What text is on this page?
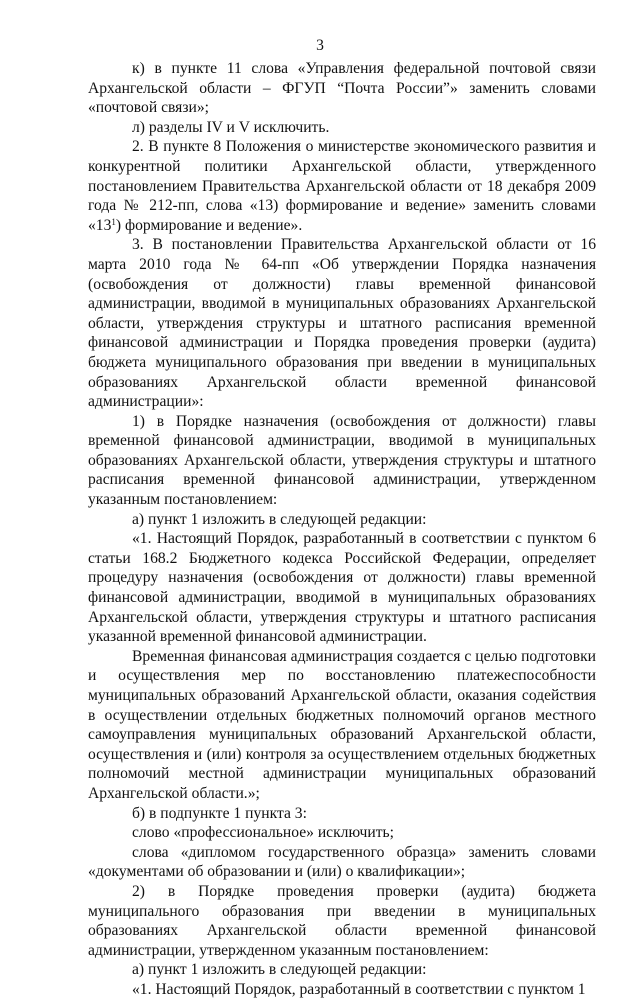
3

к) в пункте 11 слова «Управления федеральной почтовой связи Архангельской области – ФГУП “Почта России”» заменить словами «почтовой связи»;

л) разделы IV и V исключить.

2. В пункте 8 Положения о министерстве экономического развития и конкурентной политики Архангельской области, утвержденного постановлением Правительства Архангельской области от 18 декабря 2009 года № 212-пп, слова «13) формирование и ведение» заменить словами «$13^1$) формирование и ведение».

3. В постановлении Правительства Архангельской области от 16 марта 2010 года № 64-пп «Об утверждении Порядка назначения (освобождения от должности) главы временной финансовой администрации, вводимой в муниципальных образованиях Архангельской области, утверждения структуры и штатного расписания временной финансовой администрации и Порядка проведения проверки (аудита) бюджета муниципального образования при введении в муниципальных образованиях Архангельской области временной финансовой администрации»:

1) в Порядке назначения (освобождения от должности) главы временной финансовой администрации, вводимой в муниципальных образованиях Архангельской области, утверждения структуры и штатного расписания временной финансовой администрации, утвержденном указанным постановлением:

а) пункт 1 изложить в следующей редакции:

«1. Настоящий Порядок, разработанный в соответствии с пунктом 6 статьи 168.2 Бюджетного кодекса Российской Федерации, определяет процедуру назначения (освобождения от должности) главы временной финансовой администрации, вводимой в муниципальных образованиях Архангельской области, утверждения структуры и штатного расписания указанной временной финансовой администрации.

Временная финансовая администрация создается с целью подготовки и осуществления мер по восстановлению платежеспособности муниципальных образований Архангельской области, оказания содействия в осуществлении отдельных бюджетных полномочий органов местного самоуправления муниципальных образований Архангельской области, осуществления и (или) контроля за осуществлением отдельных бюджетных полномочий местной администрации муниципальных образований Архангельской области.»;

б) в подпункте 1 пункта 3:

слово «профессиональное» исключить;

слова «дипломом государственного образца» заменить словами «документами об образовании и (или) о квалификации»;

2) в Порядке проведения проверки (аудита) бюджета муниципального образования при введении в муниципальных образованиях Архангельской области временной финансовой администрации, утвержденном указанным постановлением:

а) пункт 1 изложить в следующей редакции:

«1. Настоящий Порядок, разработанный в соответствии с пунктом 1
